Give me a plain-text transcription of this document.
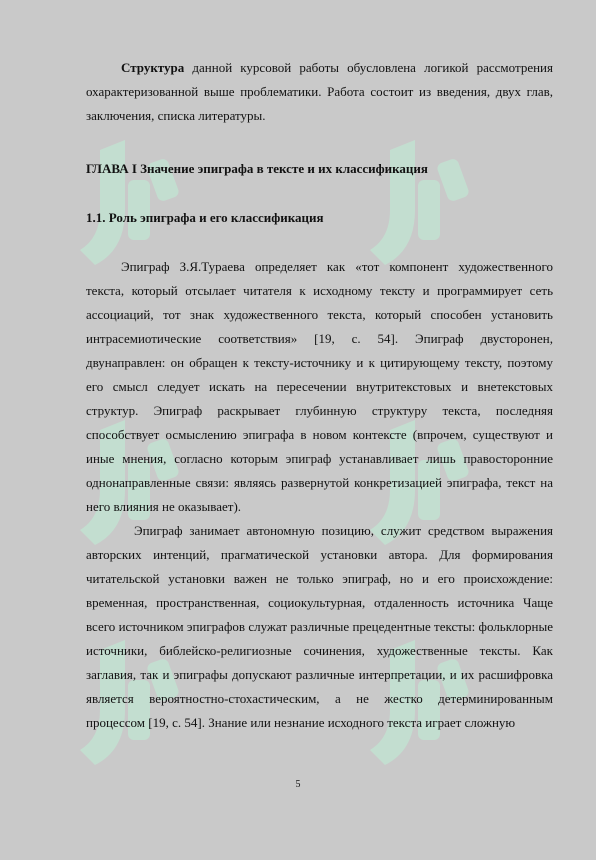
Структура данной курсовой работы обусловлена логикой рассмотрения охарактеризованной выше проблематики. Работа состоит из введения, двух глав, заключения, списка литературы.

ГЛАВА I Значение эпиграфа в тексте и их классификация

1.1. Роль эпиграфа и его классификация

Эпиграф З.Я.Тураева определяет как «тот компонент художественного текста, который отсылает читателя к исходному тексту и программирует сеть ассоциаций, тот знак художественного текста, который способен установить интрасемиотические соответствия» [19, с. 54]. Эпиграф двусторонен, двунаправлен: он обращен к тексту-источнику и к цитирующему тексту, поэтому его смысл следует искать на пересечении внутритекстовых и внетекстовых структур. Эпиграф раскрывает глубинную структуру текста, последняя способствует осмыслению эпиграфа в новом контексте (впрочем, существуют и иные мнения, согласно которым эпиграф устанавливает лишь правосторонние однонаправленные связи: являясь развернутой конкретизацией эпиграфа, текст на него влияния не оказывает).

Эпиграф занимает автономную позицию, служит средством выражения авторских интенций, прагматической установки автора. Для формирования читательской установки важен не только эпиграф, но и его происхождение: временная, пространственная, социокультурная, отдаленность источника Чаще всего источником эпиграфов служат различные прецедентные тексты: фольклорные источники, библейско-религиозные сочинения, художественные тексты. Как заглавия, так и эпиграфы допускают различные интерпретации, и их расшифровка является вероятностно-стохастическим, а не жестко детерминированным процессом [19, с. 54]. Знание или незнание исходного текста играет сложную

5
